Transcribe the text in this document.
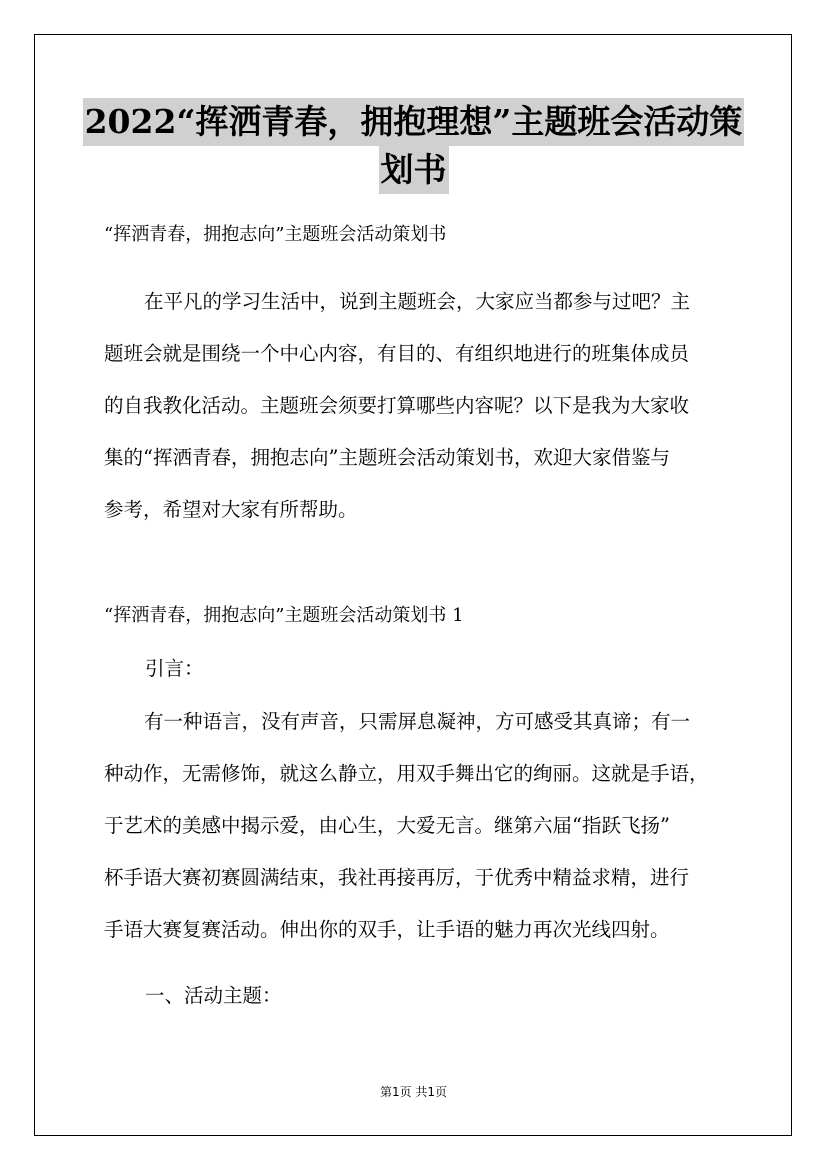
2022“挥洒青春，拥抱理想”主题班会活动策
划书
“挥洒青春，拥抱志向”主题班会活动策划书
在平凡的学习生活中，说到主题班会，大家应当都参与过吧？主
题班会就是围绕一个中心内容，有目的、有组织地进行的班集体成员
的自我教化活动。主题班会须要打算哪些内容呢？以下是我为大家收
集的“挥洒青春，拥抱志向”主题班会活动策划书，欢迎大家借鉴与
参考，希望对大家有所帮助。
“挥洒青春，拥抱志向”主题班会活动策划书 1
引言：
有一种语言，没有声音，只需屏息凝神，方可感受其真谛；有一
种动作，无需修饰，就这么静立，用双手舞出它的绚丽。这就是手语，
于艺术的美感中揭示爱，由心生，大爱无言。继第六届“指跃飞扬”
杯手语大赛初赛圆满结束，我社再接再厉，于优秀中精益求精，进行
手语大赛复赛活动。伸出你的双手，让手语的魅力再次光线四射。
一、活动主题：
第1页 共1页
